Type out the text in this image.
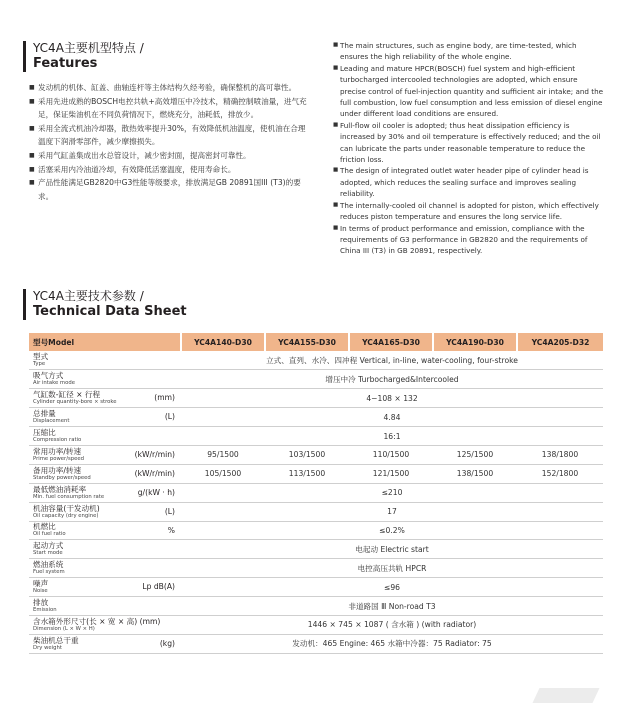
YC4A主要机型特点 /
Features
■ 发动机的机体、缸盖、曲轴连杆等主体结构久经考验，确保整机的高可靠性。
■ 采用先进成熟的BOSCH电控共轨+高效增压中冷技术，精确控制喷油量，进气充足，保证柴油机在不同负荷情况下，燃烧充分，油耗低，排放少。
■ 采用全流式机油冷却器，散热效率提升30%，有效降低机油温度，使机油在合理温度下润滑零部件，减少摩擦损失。
■ 采用气缸盖集成出水总管设计，减少密封面，提高密封可靠性。
■ 活塞采用内冷油道冷却，有效降低活塞温度，使用寿命长。
■ 产品性能满足GB2820中G3性能等级要求，排放满足GB 20891国III (T3)的要求。
■ The main structures, such as engine body, are time-tested, which ensures the high reliability of the whole engine.
■ Leading and mature HPCR(BOSCH) fuel system and high-efficient turbocharged intercooled technologies are adopted, which ensure precise control of fuel-injection quantity and sufficient air intake; and the full combustion, low fuel consumption and less emission of diesel engine under different load conditions are ensured.
■ Full-flow oil cooler is adopted; thus heat dissipation efficiency is increased by 30% and oil temperature is effectively reduced; and the oil can lubricate the parts under reasonable temperature to reduce the friction loss.
■ The design of integrated outlet water header pipe of cylinder head is adopted, which reduces the sealing surface and improves sealing reliability.
■ The internally-cooled oil channel is adopted for piston, which effectively reduces piston temperature and ensures the long service life.
■ In terms of product performance and emission, compliance with the requirements of G3 performance in GB2820 and the requirements of China III (T3) in GB 20891, respectively.
YC4A主要技术参数 /
Technical Data Sheet
型号Model	YC4A140-D30	YC4A155-D30	YC4A165-D30	YC4A190-D30	YC4A205-D32

型式
Type	立式、直列、水冷、四冲程 Vertical, in-line, water-cooling, four-stroke				

吸气方式
Air intake mode	增压中冷 Turbocharged&Intercooled				

气缸数-缸径 × 行程
Cylinder quantity-bore × stroke (mm)	4−108 × 132				

总排量
Displacement (L)	4.84				

压缩比
Compression ratio	16:1				

常用功率/转速
Prime power/speed (kW/r/min)	95/1500	103/1500	110/1500	125/1500	138/1800

备用功率/转速
Standby power/speed (kW/r/min)	105/1500	113/1500	121/1500	138/1500	152/1800

最低燃油消耗率
Min. fuel consumption rate g/(kW · h)	≤210				

机油容量(干发动机)
Oil capacity (dry engine) (L)	17				

机燃比
Oil fuel ratio %	≤0.2%				

起动方式
Start mode	电起动 Electric start				

燃油系统
Fuel system	电控高压共轨 HPCR				

噪声
Noise Lp dB(A)	≤96				

排放
Emission	非道路国 Ⅲ Non-road T3				

含水箱外形尺寸(长 × 宽 × 高) (mm)
Dimension (L × W × H)	1446 × 745 × 1087 ( 含水箱 ) (with radiator)				

柴油机总干重
Dry weight (kg)	发动机：465 Engine: 465 水箱中冷器：75 Radiator: 75				
